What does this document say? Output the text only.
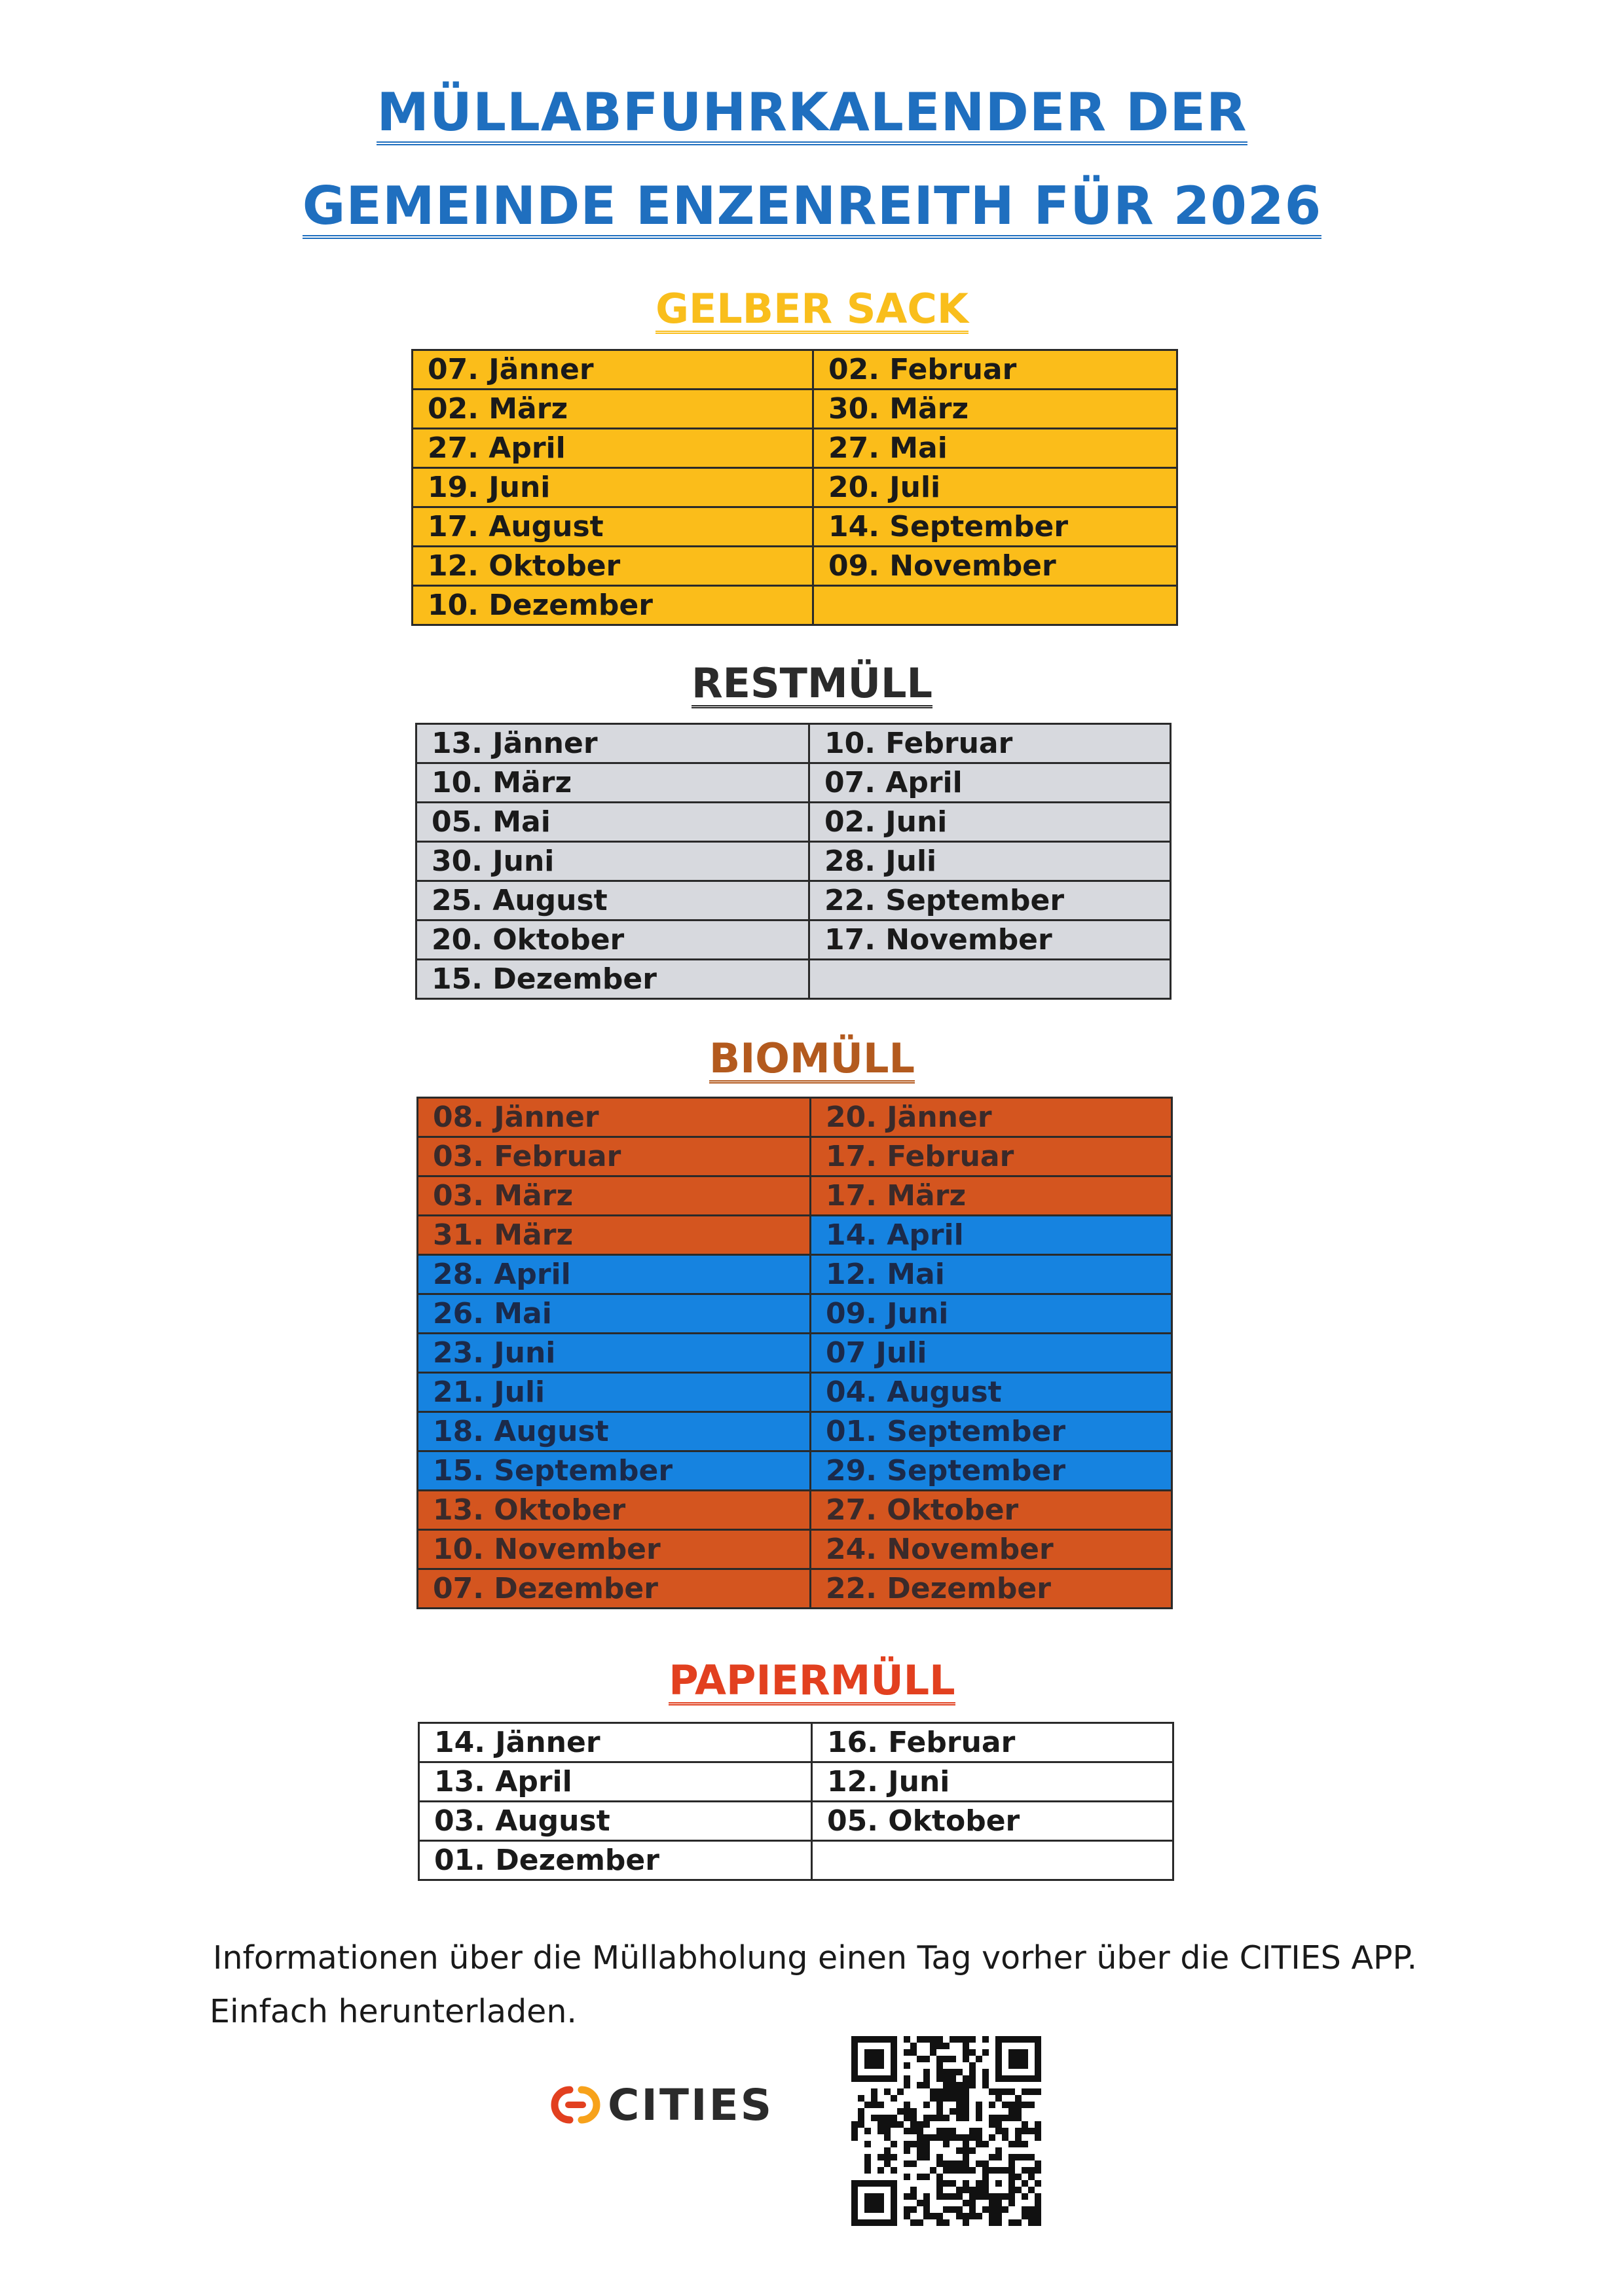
MÜLLABFUHRKALENDER DER
GEMEINDE ENZENREITH FÜR 2026
GELBER SACK
07. Jänner	02. Februar
02. März	30. März
27. April	27. Mai
19. Juni	20. Juli
17. August	14. September
12. Oktober	09. November
10. Dezember	
RESTMÜLL
13. Jänner	10. Februar
10. März	07. April
05. Mai	02. Juni
30. Juni	28. Juli
25. August	22. September
20. Oktober	17. November
15. Dezember	
BIOMÜLL
08. Jänner	20. Jänner
03. Februar	17. Februar
03. März	17. März
31. März	14. April
28. April	12. Mai
26. Mai	09. Juni
23. Juni	07 Juli
21. Juli	04. August
18. August	01. September
15. September	29. September
13. Oktober	27. Oktober
10. November	24. November
07. Dezember	22. Dezember
PAPIERMÜLL
14. Jänner	16. Februar
13. April	12. Juni
03. August	05. Oktober
01. Dezember	
Informationen über die Müllabholung einen Tag vorher über die CITIES APP.
Einfach herunterladen.
CITIES
